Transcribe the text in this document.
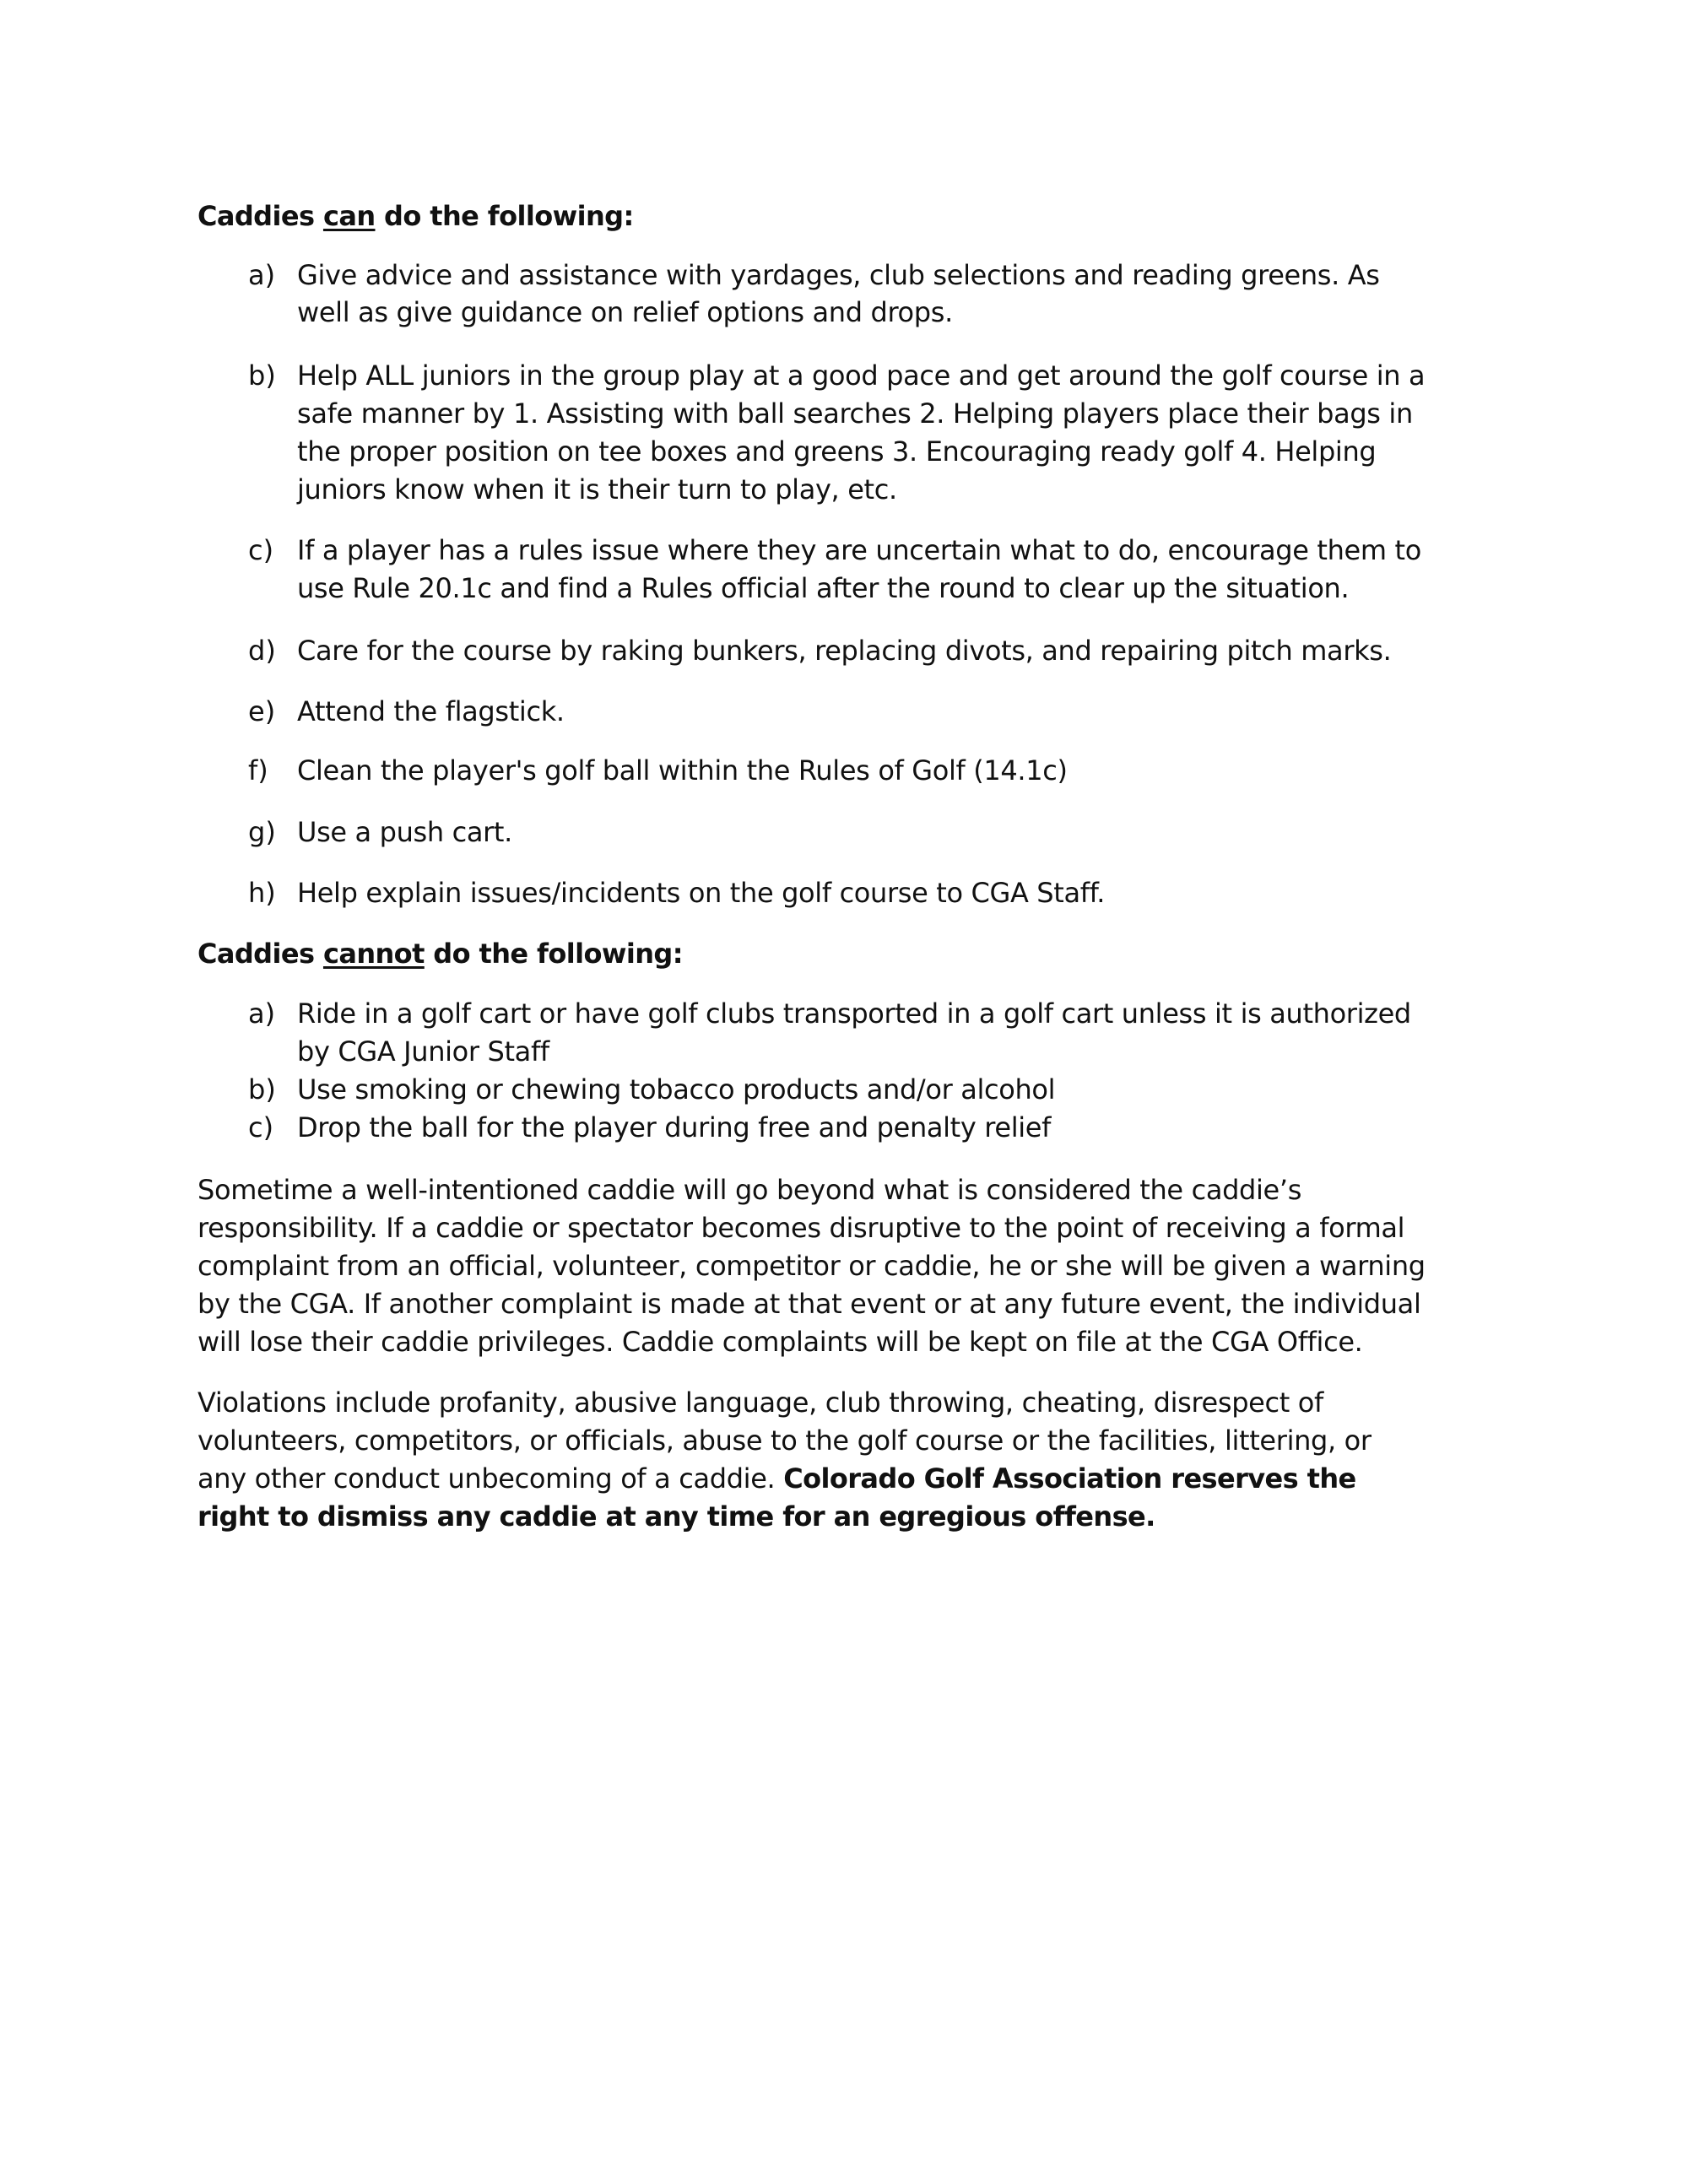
Caddies can do the following:
a) Give advice and assistance with yardages, club selections and reading greens. As
well as give guidance on relief options and drops.
b) Help ALL juniors in the group play at a good pace and get around the golf course in a
safe manner by 1. Assisting with ball searches 2. Helping players place their bags in
the proper position on tee boxes and greens 3. Encouraging ready golf 4. Helping
juniors know when it is their turn to play, etc.
c) If a player has a rules issue where they are uncertain what to do, encourage them to
use Rule 20.1c and find a Rules official after the round to clear up the situation.
d) Care for the course by raking bunkers, replacing divots, and repairing pitch marks.
e) Attend the flagstick.
f) Clean the player's golf ball within the Rules of Golf (14.1c)
g) Use a push cart.
h) Help explain issues/incidents on the golf course to CGA Staff.
Caddies cannot do the following:
a) Ride in a golf cart or have golf clubs transported in a golf cart unless it is authorized
by CGA Junior Staff
b) Use smoking or chewing tobacco products and/or alcohol
c) Drop the ball for the player during free and penalty relief
Sometime a well-intentioned caddie will go beyond what is considered the caddie’s
responsibility. If a caddie or spectator becomes disruptive to the point of receiving a formal
complaint from an official, volunteer, competitor or caddie, he or she will be given a warning
by the CGA. If another complaint is made at that event or at any future event, the individual
will lose their caddie privileges. Caddie complaints will be kept on file at the CGA Office.
Violations include profanity, abusive language, club throwing, cheating, disrespect of
volunteers, competitors, or officials, abuse to the golf course or the facilities, littering, or
any other conduct unbecoming of a caddie. Colorado Golf Association reserves the
right to dismiss any caddie at any time for an egregious offense.
